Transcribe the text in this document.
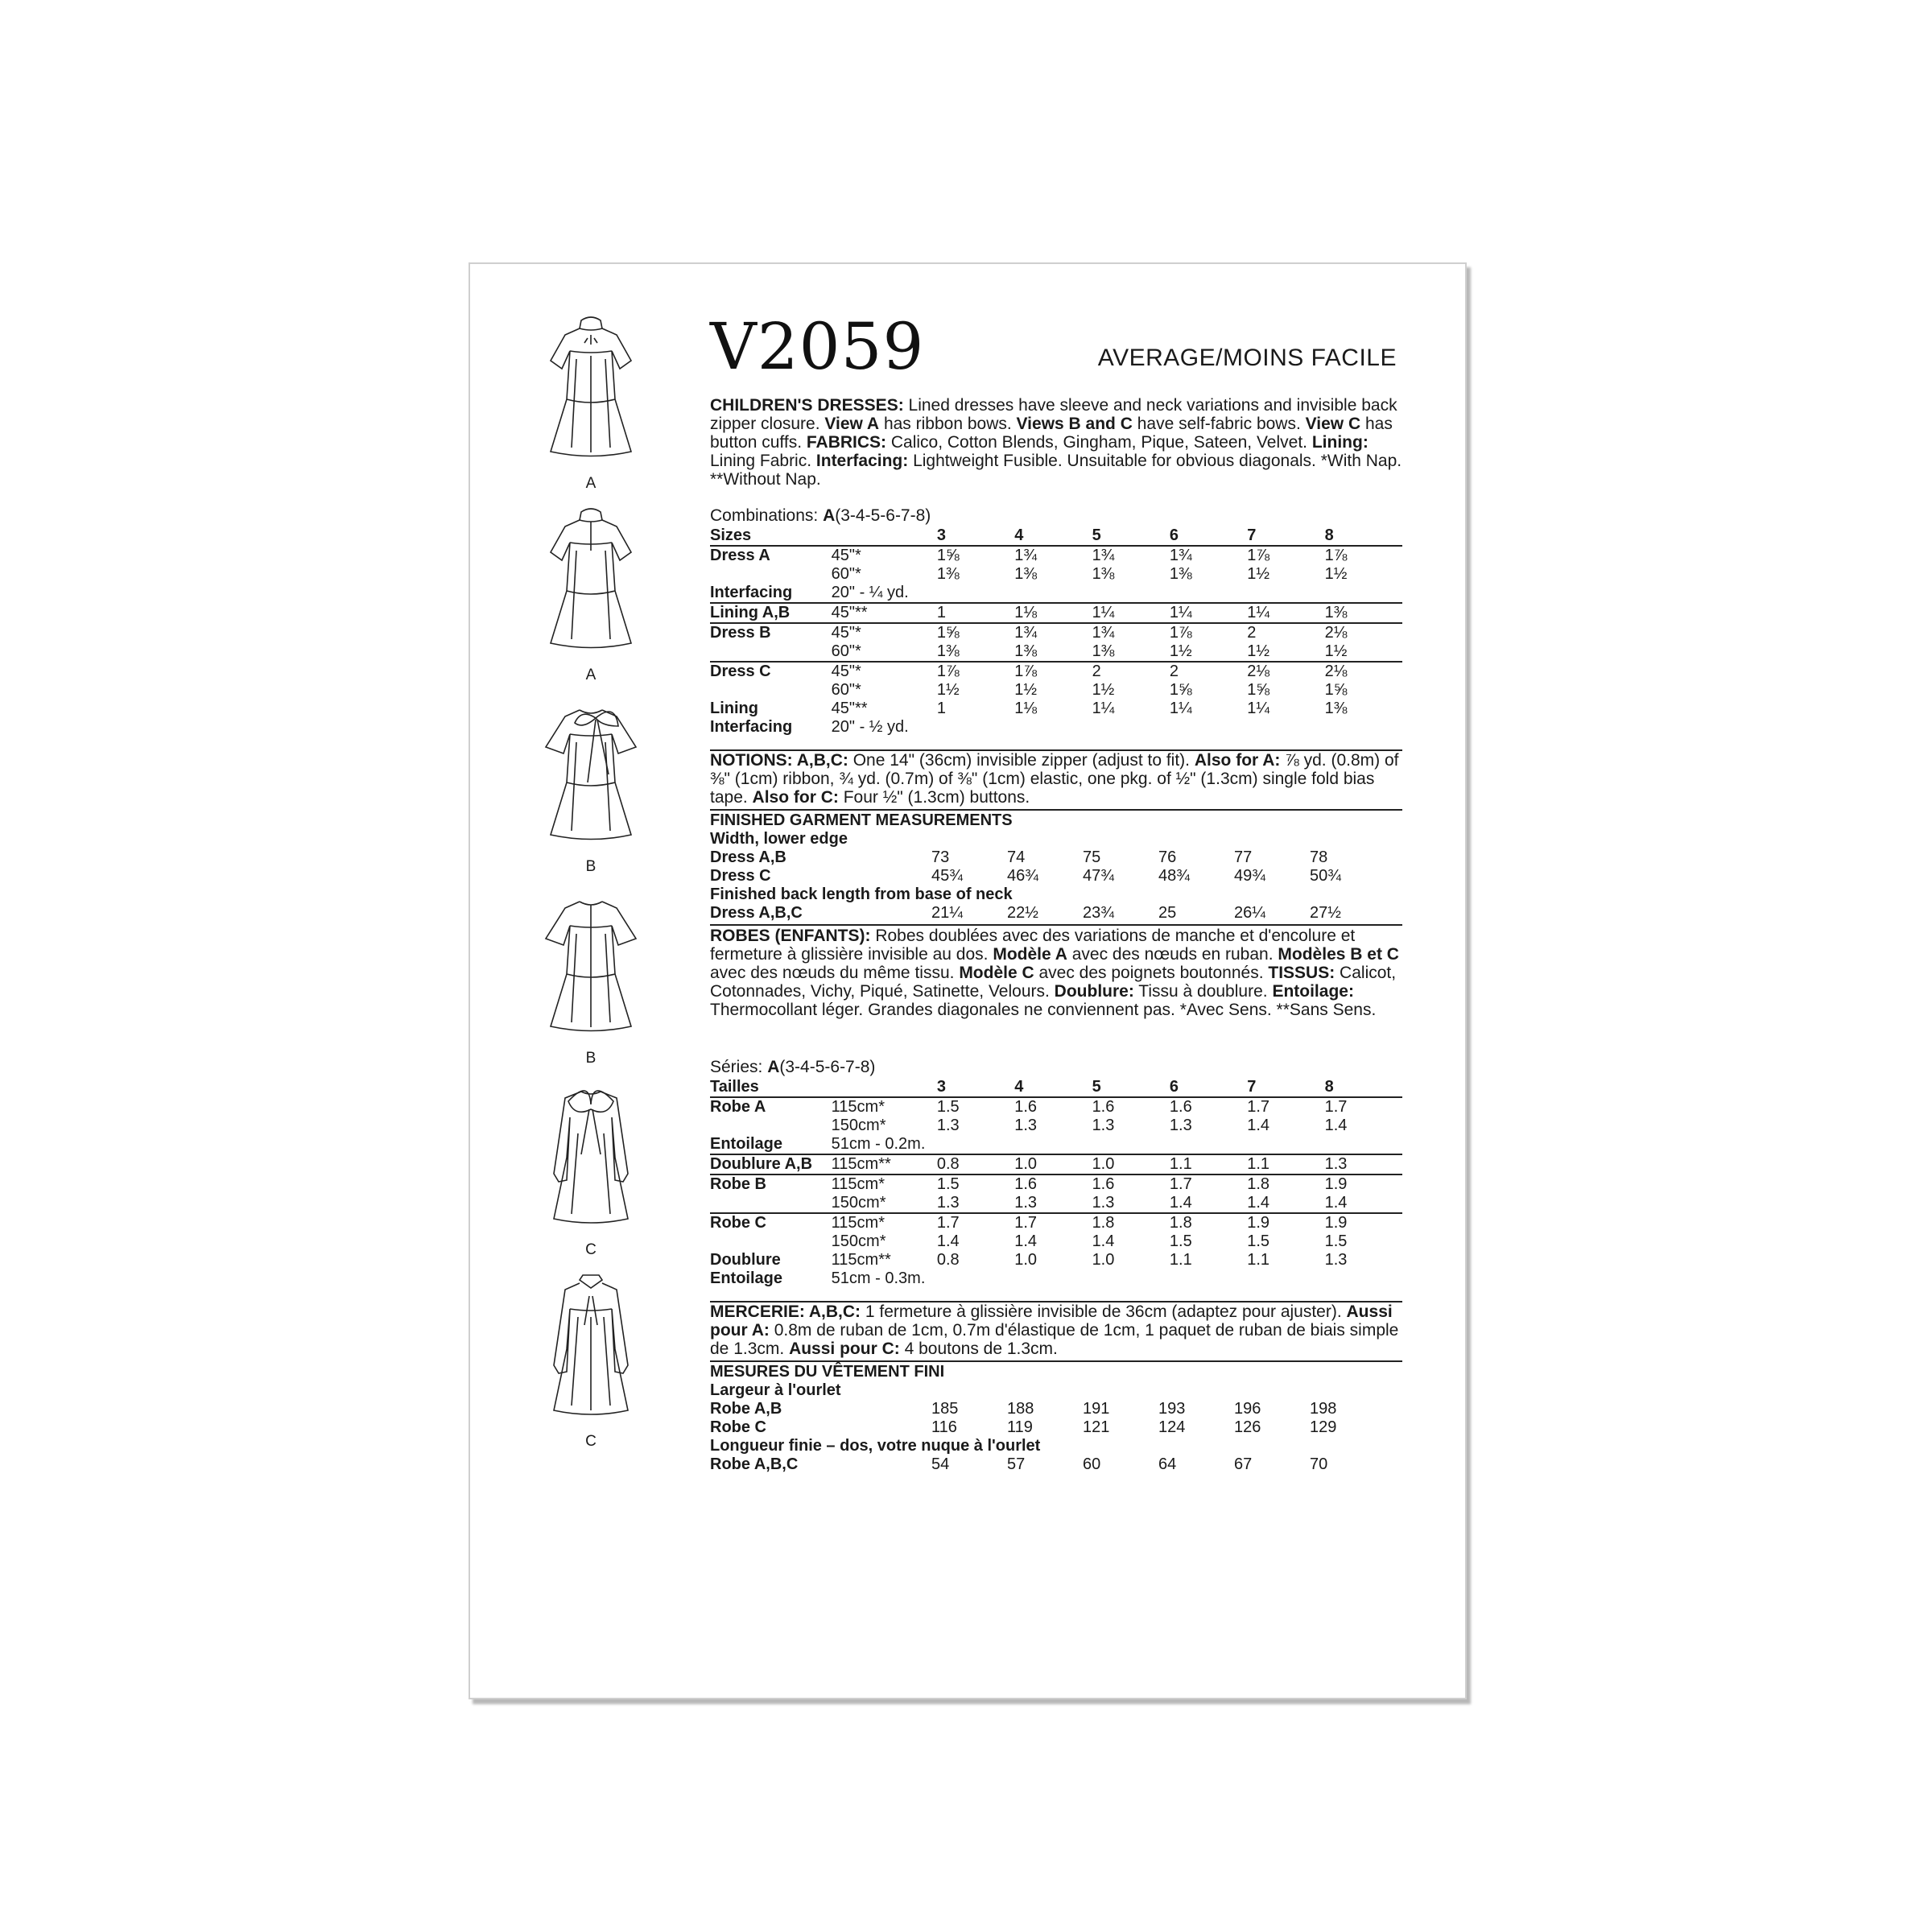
A
A
B
B
C
C
V2059	AVERAGE/MOINS FACILE
CHILDREN'S DRESSES: Lined dresses have sleeve and neck variations and invisible back zipper closure. View A has ribbon bows. Views B and C have self-fabric bows. View C has button cuffs. FABRICS: Calico, Cotton Blends, Gingham, Pique, Sateen, Velvet. Lining: Lining Fabric. Interfacing: Lightweight Fusible. Unsuitable for obvious diagonals. *With Nap. **Without Nap.
Combinations: A(3-4-5-6-7-8)
Sizes		3	4	5	6	7	8
Dress A	45"*	1⅝	1¾	1¾	1¾	1⅞	1⅞
	60"*	1⅜	1⅜	1⅜	1⅜	1½	1½
Interfacing	20" - ¼ yd.						
Lining A,B	45"**	1	1⅛	1¼	1¼	1¼	1⅜
Dress B	45"*	1⅝	1¾	1¾	1⅞	2	2⅛
	60"*	1⅜	1⅜	1⅜	1½	1½	1½
Dress C	45"*	1⅞	1⅞	2	2	2⅛	2⅛
	60"*	1½	1½	1½	1⅝	1⅝	1⅝
Lining	45"**	1	1⅛	1¼	1¼	1¼	1⅜
Interfacing	20" - ½ yd.						
NOTIONS: A,B,C: One 14" (36cm) invisible zipper (adjust to fit). Also for A: ⅞ yd. (0.8m) of ⅜" (1cm) ribbon, ¾ yd. (0.7m) of ⅜" (1cm) elastic, one pkg. of ½" (1.3cm) single fold bias tape. Also for C: Four ½" (1.3cm) buttons.
FINISHED GARMENT MEASUREMENTS
Width, lower edge
Dress A,B	73	74	75	76	77	78
Dress C	45¾	46¾	47¾	48¾	49¾	50¾
Finished back length from base of neck
Dress A,B,C	21¼	22½	23¾	25	26¼	27½
ROBES (ENFANTS): Robes doublées avec des variations de manche et d'encolure et fermeture à glissière invisible au dos. Modèle A avec des nœuds en ruban. Modèles B et C avec des nœuds du même tissu. Modèle C avec des poignets boutonnés. TISSUS: Calicot, Cotonnades, Vichy, Piqué, Satinette, Velours. Doublure: Tissu à doublure. Entoilage: Thermocollant léger. Grandes diagonales ne conviennent pas. *Avec Sens. **Sans Sens.
Séries: A(3-4-5-6-7-8)
Tailles		3	4	5	6	7	8
Robe A	115cm*	1.5	1.6	1.6	1.6	1.7	1.7
	150cm*	1.3	1.3	1.3	1.3	1.4	1.4
Entoilage	51cm - 0.2m.						
Doublure A,B	115cm**	0.8	1.0	1.0	1.1	1.1	1.3
Robe B	115cm*	1.5	1.6	1.6	1.7	1.8	1.9
	150cm*	1.3	1.3	1.3	1.4	1.4	1.4
Robe C	115cm*	1.7	1.7	1.8	1.8	1.9	1.9
	150cm*	1.4	1.4	1.4	1.5	1.5	1.5
Doublure	115cm**	0.8	1.0	1.0	1.1	1.1	1.3
Entoilage	51cm - 0.3m.						
MERCERIE: A,B,C: 1 fermeture à glissière invisible de 36cm (adaptez pour ajuster). Aussi pour A: 0.8m de ruban de 1cm, 0.7m d'élastique de 1cm, 1 paquet de ruban de biais simple de 1.3cm. Aussi pour C: 4 boutons de 1.3cm.
MESURES DU VÊTEMENT FINI
Largeur à l'ourlet
Robe A,B	185	188	191	193	196	198
Robe C	116	119	121	124	126	129
Longueur finie – dos, votre nuque à l'ourlet
Robe A,B,C	54	57	60	64	67	70
